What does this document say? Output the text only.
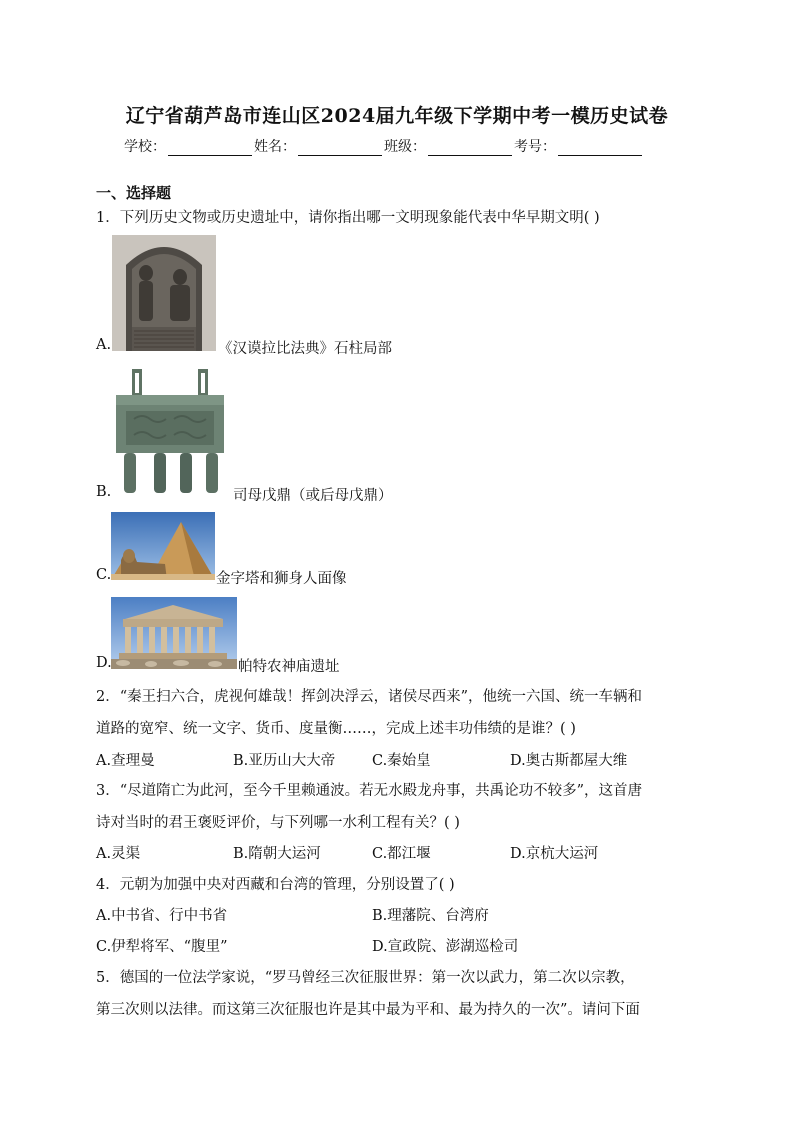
辽宁省葫芦岛市连山区2024届九年级下学期中考一模历史试卷
学校：	姓名：	班级：	考号：
一、选择题
1．下列历史文物或历史遗址中，请你指出哪一文明现象能代表中华早期文明( )
A.	《汉谟拉比法典》石柱局部
B.	司母戊鼎（或后母戊鼎）
C.	金字塔和狮身人面像
D.	帕特农神庙遗址
2．“秦王扫六合，虎视何雄哉！挥剑决浮云，诸侯尽西来”，他统一六国、统一车辆和
道路的宽窄、统一文字、货币、度量衡……，完成上述丰功伟绩的是谁？( )
A.查理曼	B.亚历山大大帝	C.秦始皇	D.奥古斯都屋大维
3．“尽道隋亡为此河，至今千里赖通波。若无水殿龙舟事，共禹论功不较多”，这首唐
诗对当时的君王褒贬评价，与下列哪一水利工程有关？( )
A.灵渠	B.隋朝大运河	C.都江堰	D.京杭大运河
4．元朝为加强中央对西藏和台湾的管理，分别设置了( )
A.中书省、行中书省	B.理藩院、台湾府
C.伊犁将军、“腹里”	D.宣政院、澎湖巡检司
5．德国的一位法学家说，“罗马曾经三次征服世界：第一次以武力，第二次以宗教，
第三次则以法律。而这第三次征服也许是其中最为平和、最为持久的一次”。请问下面
